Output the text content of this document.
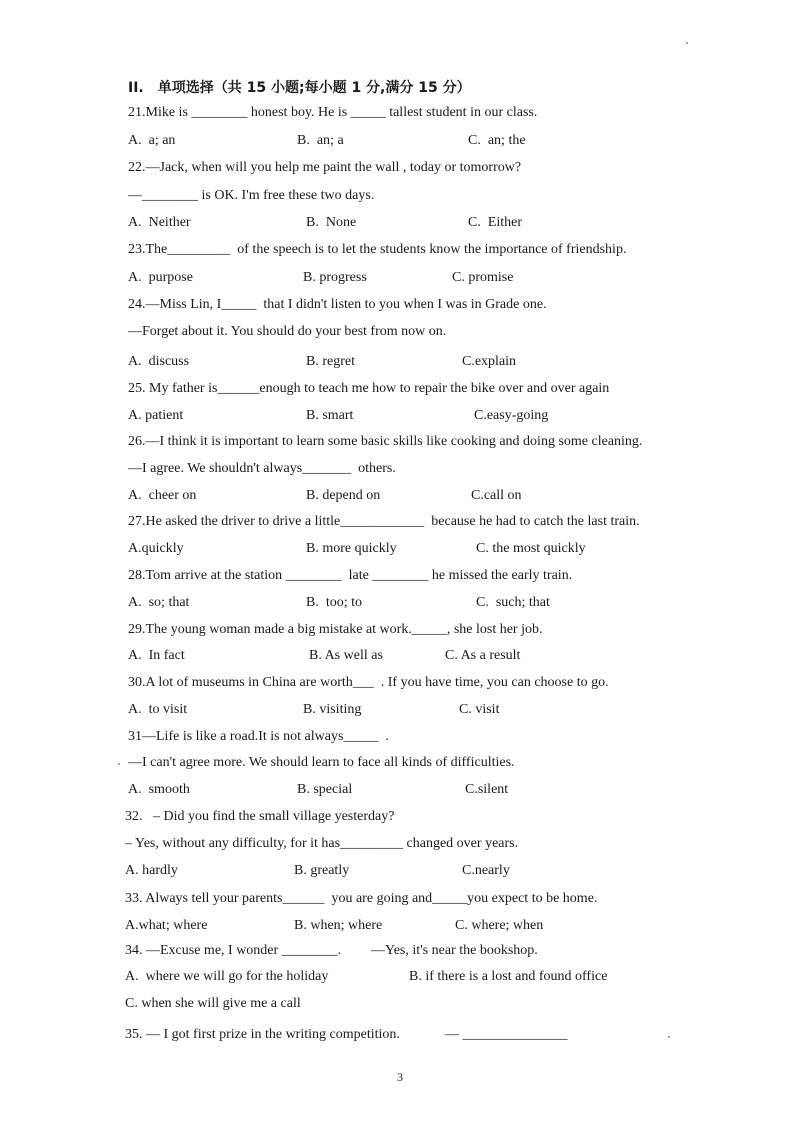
II.　单项选择（共 15 小题;每小题 1 分,满分 15 分）
21.Mike is ________ honest boy. He is _____ tallest student in our class.
A.  a; an	B.  an; a	C.  an; the
22.—Jack, when will you help me paint the wall , today or tomorrow?
—________ is OK. I'm free these two days.
A.  Neither	B.  None	C.  Either
23.The_________  of the speech is to let the students know the importance of friendship.
A.  purpose	B. progress	C. promise
24.—Miss Lin, I_____  that I didn't listen to you when I was in Grade one.
—Forget about it. You should do your best from now on.
A.  discuss	B. regret	C.explain
25. My father is______enough to teach me how to repair the bike over and over again
A. patient	B. smart	C.easy-going
26.—I think it is important to learn some basic skills like cooking and doing some cleaning.
—I agree. We shouldn't always_______  others.
A.  cheer on	B. depend on	C.call on
27.He asked the driver to drive a little____________  because he had to catch the last train.
A.quickly	B. more quickly	C. the most quickly
28.Tom arrive at the station ________  late ________ he missed the early train.
A.  so; that	B.  too; to	C.  such; that
29.The young woman made a big mistake at work._____, she lost her job.
A.  In fact	B. As well as	C. As a result
30.A lot of museums in China are worth___  . If you have time, you can choose to go.
A.  to visit	B. visiting	C. visit
31—Life is like a road.It is not always_____  .
—I can't agree more. We should learn to face all kinds of difficulties.
A.  smooth	B. special	C.silent
32.   – Did you find the small village yesterday?
– Yes, without any difficulty, for it has_________ changed over years.
A. hardly	B. greatly	C.nearly
33. Always tell your parents______  you are going and_____you expect to be home.
A.what; where	B. when; where	C. where; when
34. —Excuse me, I wonder ________. —Yes, it's near the bookshop.
A.  where we will go for the holiday	B. if there is a lost and found office
C. when she will give me a call
35. — I got first prize in the writing competition.	— _______________
3
